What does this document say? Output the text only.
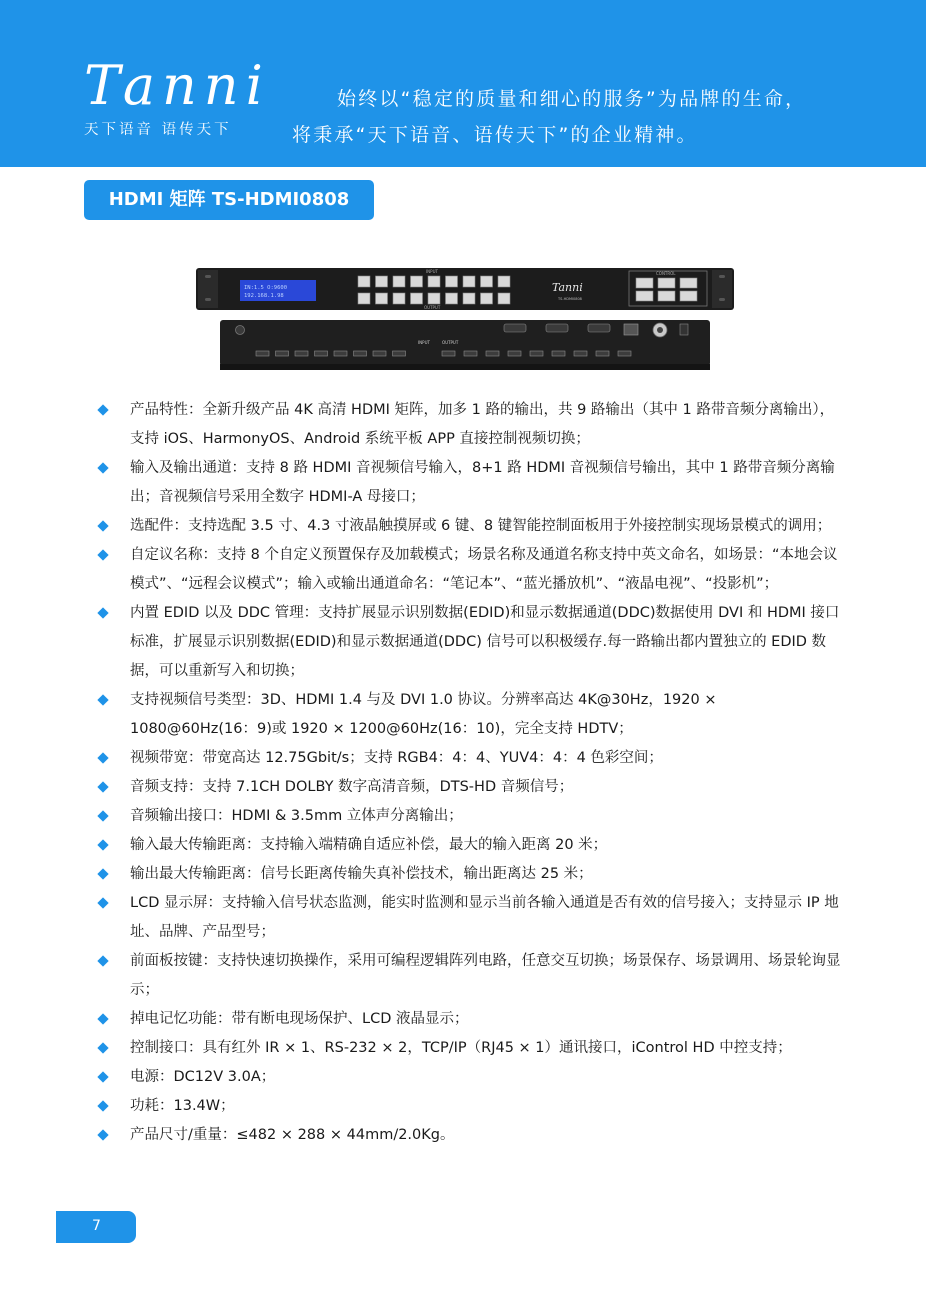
Tanni
天下语音 语传天下
始终以“稳定的质量和细心的服务”为品牌的生命，
将秉承“天下语音、语传天下”的企业精神。
HDMI 矩阵 TS-HDMI0808
IN:1.5 O:9600
192.168.1.98
INPUT
OUTPUT
Tanni
TS-HDMI0808
CONTROL
INPUT	OUTPUT
产品特性：全新升级产品 4K 高清 HDMI 矩阵，加多 1 路的输出，共 9 路输出（其中 1 路带音频分离输出），支持 iOS、HarmonyOS、Android 系统平板 APP 直接控制视频切换；
输入及输出通道：支持 8 路 HDMI 音视频信号输入，8+1 路 HDMI 音视频信号输出，其中 1 路带音频分离输出；音视频信号采用全数字 HDMI-A 母接口；
选配件：支持选配 3.5 寸、4.3 寸液晶触摸屏或 6 键、8 键智能控制面板用于外接控制实现场景模式的调用；
自定议名称：支持 8 个自定义预置保存及加载模式；场景名称及通道名称支持中英文命名，如场景：“本地会议模式”、“远程会议模式”；输入或输出通道命名：“笔记本”、“蓝光播放机”、“液晶电视”、“投影机”；
内置 EDID 以及 DDC 管理：支持扩展显示识别数据(EDID)和显示数据通道(DDC)数据使用 DVI 和 HDMI 接口标准，扩展显示识别数据(EDID)和显示数据通道(DDC) 信号可以积极缓存.每一路输出都内置独立的 EDID 数据，可以重新写入和切换；
支持视频信号类型：3D、HDMI 1.4 与及 DVI 1.0 协议。分辨率高达 4K@30Hz，1920 × 1080@60Hz(16：9)或 1920 × 1200@60Hz(16：10)，完全支持 HDTV；
视频带宽：带宽高达 12.75Gbit/s；支持 RGB4：4：4、YUV4：4：4 色彩空间；
音频支持：支持 7.1CH DOLBY 数字高清音频，DTS-HD 音频信号；
音频输出接口：HDMI & 3.5mm 立体声分离输出；
输入最大传输距离：支持输入端精确自适应补偿，最大的输入距离 20 米；
输出最大传输距离：信号长距离传输失真补偿技术，输出距离达 25 米；
LCD 显示屏：支持输入信号状态监测，能实时监测和显示当前各输入通道是否有效的信号接入；支持显示 IP 地址、品牌、产品型号；
前面板按键：支持快速切换操作，采用可编程逻辑阵列电路，任意交互切换；场景保存、场景调用、场景轮询显示；
掉电记忆功能：带有断电现场保护、LCD 液晶显示；
控制接口：具有红外 IR × 1、RS-232 × 2，TCP/IP（RJ45 × 1）通讯接口，iControl HD 中控支持；
电源：DC12V 3.0A；
功耗：13.4W；
产品尺寸/重量：≤482 × 288 × 44mm/2.0Kg。
7
